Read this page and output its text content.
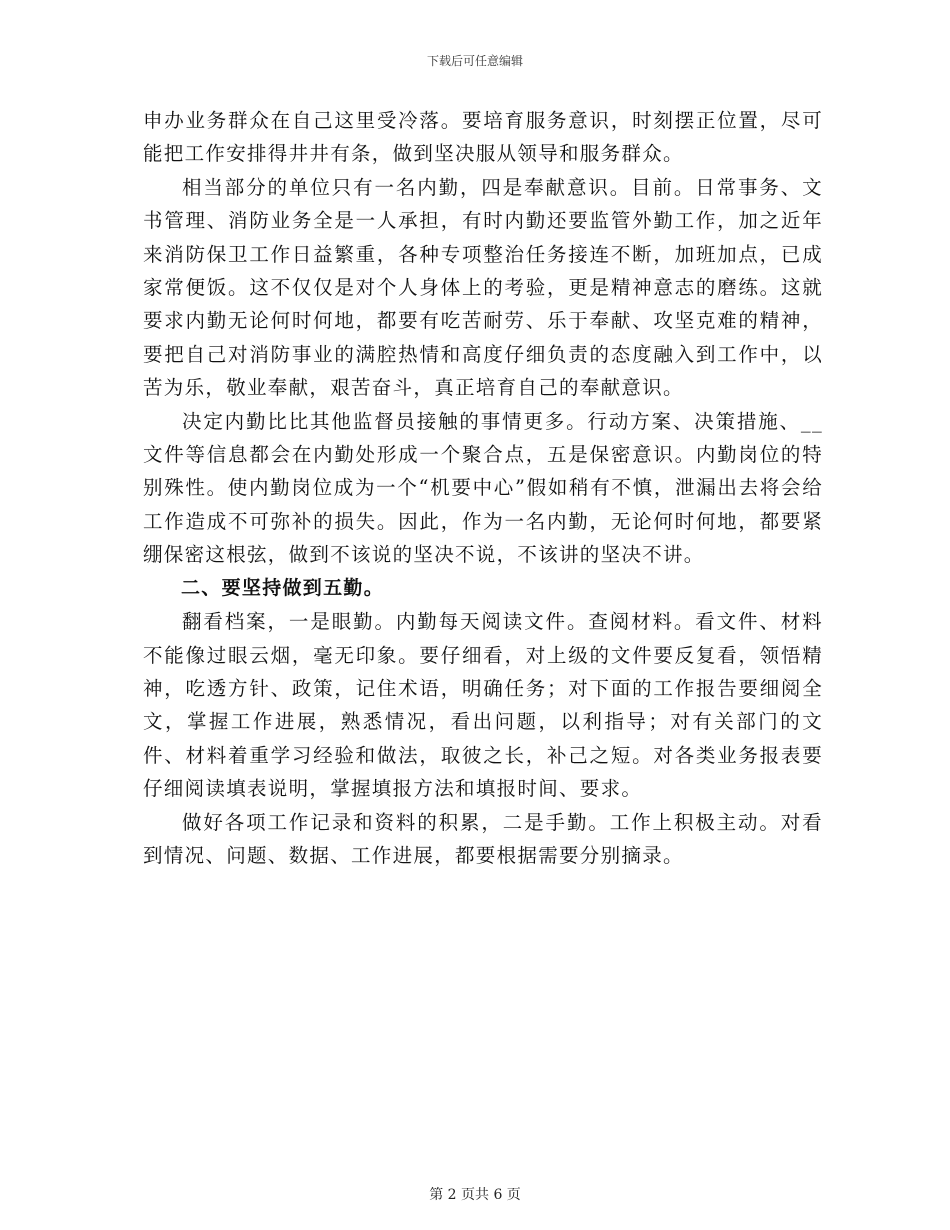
下载后可任意编辑

申办业务群众在自己这里受冷落。要培育服务意识，时刻摆正位置，尽可能把工作安排得井井有条，做到坚决服从领导和服务群众。

相当部分的单位只有一名内勤，四是奉献意识。目前。日常事务、文书管理、消防业务全是一人承担，有时内勤还要监管外勤工作，加之近年来消防保卫工作日益繁重，各种专项整治任务接连不断，加班加点，已成家常便饭。这不仅仅是对个人身体上的考验，更是精神意志的磨练。这就要求内勤无论何时何地，都要有吃苦耐劳、乐于奉献、攻坚克难的精神，要把自己对消防事业的满腔热情和高度仔细负责的态度融入到工作中，以苦为乐，敬业奉献，艰苦奋斗，真正培育自己的奉献意识。

决定内勤比比其他监督员接触的事情更多。行动方案、决策措施、__文件等信息都会在内勤处形成一个聚合点，五是保密意识。内勤岗位的特别殊性。使内勤岗位成为一个“机要中心”假如稍有不慎，泄漏出去将会给工作造成不可弥补的损失。因此，作为一名内勤，无论何时何地，都要紧绷保密这根弦，做到不该说的坚决不说，不该讲的坚决不讲。

二、要坚持做到五勤。

翻看档案，一是眼勤。内勤每天阅读文件。查阅材料。看文件、材料不能像过眼云烟，毫无印象。要仔细看，对上级的文件要反复看，领悟精神，吃透方针、政策，记住术语，明确任务；对下面的工作报告要细阅全文，掌握工作进展，熟悉情况，看出问题，以利指导；对有关部门的文件、材料着重学习经验和做法，取彼之长，补己之短。对各类业务报表要仔细阅读填表说明，掌握填报方法和填报时间、要求。

做好各项工作记录和资料的积累，二是手勤。工作上积极主动。对看到情况、问题、数据、工作进展，都要根据需要分别摘录。

第 2 页共 6 页
